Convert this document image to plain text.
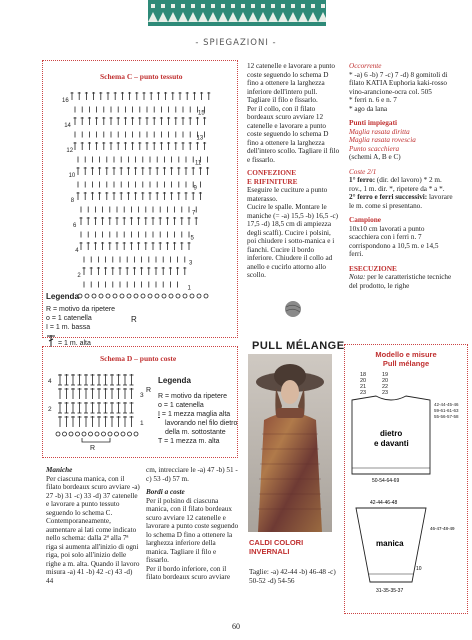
- SPIEGAZIONI -
Schema C – punto tessuto
16
14
12
10
8
6
4
2
15
13
11
9
7
5
3
1
Legenda
R = motivo da ripetere
o = 1 catenella
I = 1 m. bassa
= 1 m. alta
R
Schema D – punto coste
4
2
3
1
R
R
Legenda
R = motivo da ripetere
o = 1 catenella
I = 1 mezza maglia alta
lavorando nel filo dietro
della m. sottostante
T = 1 mezza m. alta

12 catenelle e lavorare a punto coste seguendo lo schema D fino a ottenere la larghezza inferiore dell'intero pull. Tagliare il filo e fissarlo.

Per il collo, con il filato bordeaux scuro avviare 12 catenelle e lavorare a punto coste seguendo lo schema D fino a ottenere la larghezza dell'intero scollo. Tagliare il filo e fissarlo.

CONFEZIONE

E RIFINITURE

Eseguire le cuciture a punto materasso.

Cucire le spalle. Montare le maniche (= -a) 15,5 -b) 16,5 -c) 17,5 -d) 18,5 cm di ampiezza degli scalfi). Cucire i polsini, poi chiudere i sotto-manica e i fianchi. Cucire il bordo inferiore. Chiudere il collo ad anello e cucirlo attorno allo scollo.

Occorrente

* -a) 6 -b) 7 -c) 7 -d) 8 gomitoli di filato KATIA Euphoria kaki-rosso vino-arancione-ocra col. 505

* ferri n. 6 e n. 7

* ago da lana

Punti impiegati

Maglia rasata diritta

Maglia rasata rovescia

Punto scacchiera

(schemi A, B e C)

Coste 2/1

1° ferro: (dir. del lavoro) * 2 m. rov., 1 m. dir. *, ripetere da * a *.

2° ferro e ferri successivi: lavorare le m. come si presentano.

Campione

10x10 cm lavorati a punto scacchiera con i ferri n. 7 corrispondono a 10,5 m. e 14,5 ferri.

ESECUZIONE

Nota: per le caratteristiche tecniche del prodotto, le righe

Maniche

Per ciascuna manica, con il filato bordeaux scuro avviare -a) 27 -b) 31 -c) 33 -d) 37 catenelle e lavorare a punto tessuto seguendo lo schema C. Contemporaneamente, aumentare ai lati come indicato nello schema: dalla 2ª alla 7ª riga si aumenta all'inizio di ogni riga, poi solo all'inizio delle righe a m. alta. Quando il lavoro misura -a) 41 -b) 42 -c) 43 -d) 44

cm, intrecciare le -a) 47 -b) 51 -c) 53 -d) 57 m.

Bordi a coste

Per il polsino di ciascuna manica, con il filato bordeaux scuro avviare 12 catenelle e lavorare a punto coste seguendo lo schema D fino a ottenere la larghezza inferiore della manica. Tagliare il filo e fissarlo.

Per il bordo inferiore, con il filato bordeaux scuro avviare

PULL MÉLANGE
CALDI COLORI
INVERNALI
Taglie: -a) 42-44 -b) 46-48 -c) 50-52 -d) 54-56
Modello e misure
Pull mélange
18
20
21
23
19
20
22
23
dietro
e davanti
42-44-45-46
59-61-61-63
55-56-57-58
50-54-64-69
42-44-46-48
manica
46-47-48-49
10
31-35-35-37
60
